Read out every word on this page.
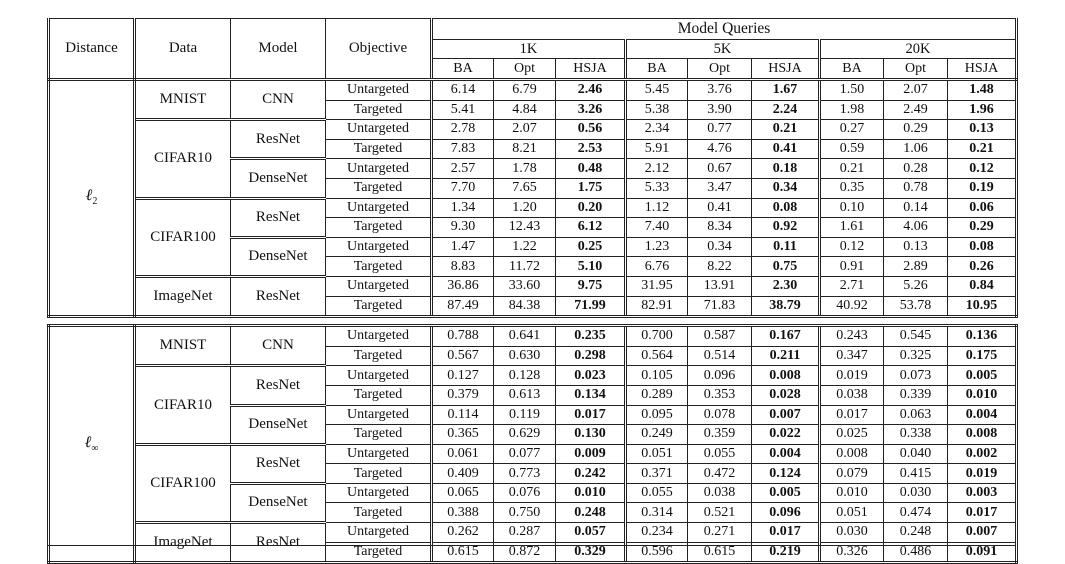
Distance	Data	Model	Objective	Model Queries								
				1K			5K			20K		
				BA	Opt	HSJA	BA	Opt	HSJA	BA	Opt	HSJA
ℓ$_2$	MNIST	CNN	Untargeted	6.14	6.79	2.46	5.45	3.76	1.67	1.50	2.07	1.48
			Targeted	5.41	4.84	3.26	5.38	3.90	2.24	1.98	2.49	1.96
	CIFAR10	ResNet	Untargeted	2.78	2.07	0.56	2.34	0.77	0.21	0.27	0.29	0.13
			Targeted	7.83	8.21	2.53	5.91	4.76	0.41	0.59	1.06	0.21
		DenseNet	Untargeted	2.57	1.78	0.48	2.12	0.67	0.18	0.21	0.28	0.12
			Targeted	7.70	7.65	1.75	5.33	3.47	0.34	0.35	0.78	0.19
	CIFAR100	ResNet	Untargeted	1.34	1.20	0.20	1.12	0.41	0.08	0.10	0.14	0.06
			Targeted	9.30	12.43	6.12	7.40	8.34	0.92	1.61	4.06	0.29
		DenseNet	Untargeted	1.47	1.22	0.25	1.23	0.34	0.11	0.12	0.13	0.08
			Targeted	8.83	11.72	5.10	6.76	8.22	0.75	0.91	2.89	0.26
	ImageNet	ResNet	Untargeted	36.86	33.60	9.75	31.95	13.91	2.30	2.71	5.26	0.84
			Targeted	87.49	84.38	71.99	82.91	71.83	38.79	40.92	53.78	10.95

ℓ$_\infty$	MNIST	CNN	Untargeted	0.788	0.641	0.235	0.700	0.587	0.167	0.243	0.545	0.136
			Targeted	0.567	0.630	0.298	0.564	0.514	0.211	0.347	0.325	0.175
	CIFAR10	ResNet	Untargeted	0.127	0.128	0.023	0.105	0.096	0.008	0.019	0.073	0.005
			Targeted	0.379	0.613	0.134	0.289	0.353	0.028	0.038	0.339	0.010
		DenseNet	Untargeted	0.114	0.119	0.017	0.095	0.078	0.007	0.017	0.063	0.004
			Targeted	0.365	0.629	0.130	0.249	0.359	0.022	0.025	0.338	0.008
	CIFAR100	ResNet	Untargeted	0.061	0.077	0.009	0.051	0.055	0.004	0.008	0.040	0.002
			Targeted	0.409	0.773	0.242	0.371	0.472	0.124	0.079	0.415	0.019
		DenseNet	Untargeted	0.065	0.076	0.010	0.055	0.038	0.005	0.010	0.030	0.003
			Targeted	0.388	0.750	0.248	0.314	0.521	0.096	0.051	0.474	0.017
	ImageNet	ResNet	Untargeted	0.262	0.287	0.057	0.234	0.271	0.017	0.030	0.248	0.007
			Targeted	0.615	0.872	0.329	0.596	0.615	0.219	0.326	0.486	0.091
